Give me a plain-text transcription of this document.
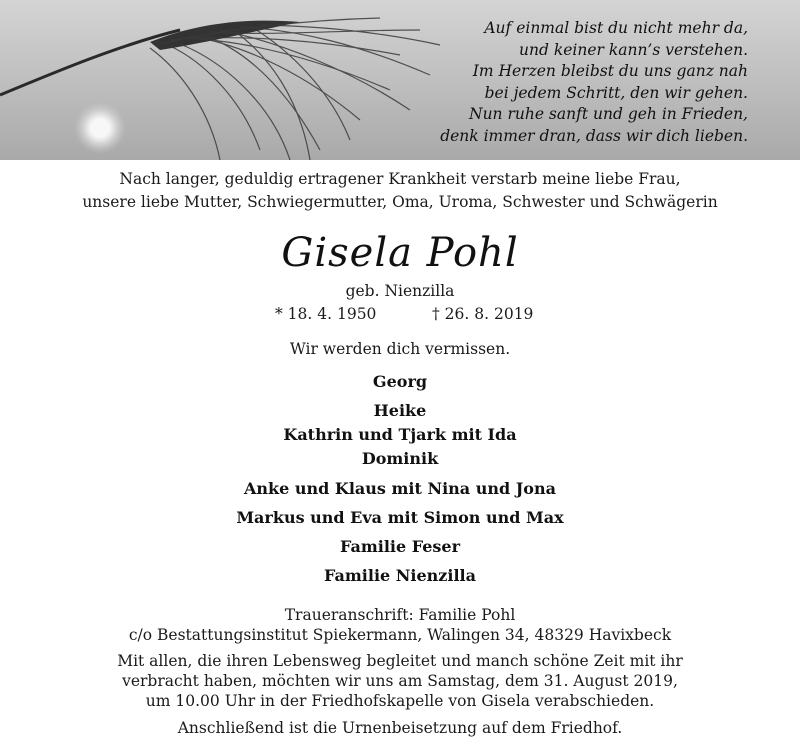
Auf einmal bist du nicht mehr da,
und keiner kann’s verstehen.
Im Herzen bleibst du uns ganz nah
bei jedem Schritt, den wir gehen.
Nun ruhe sanft und geh in Frieden,
denk immer dran, dass wir dich lieben.
Nach langer, geduldig ertragener Krankheit verstarb meine liebe Frau,
unsere liebe Mutter, Schwiegermutter, Oma, Uroma, Schwester und Schwägerin
Gisela Pohl
geb. Nienzilla
* 18. 4. 1950	† 26. 8. 2019
Wir werden dich vermissen.
Georg
Heike
Kathrin und Tjark mit Ida
Dominik
Anke und Klaus mit Nina und Jona
Markus und Eva mit Simon und Max
Familie Feser
Familie Nienzilla
Traueranschrift: Familie Pohl
c/o Bestattungsinstitut Spiekermann, Walingen 34, 48329 Havixbeck
Mit allen, die ihren Lebensweg begleitet und manch schöne Zeit mit ihr
verbracht haben, möchten wir uns am Samstag, dem 31. August 2019,
um 10.00 Uhr in der Friedhofskapelle von Gisela verabschieden.
Anschließend ist die Urnenbeisetzung auf dem Friedhof.
